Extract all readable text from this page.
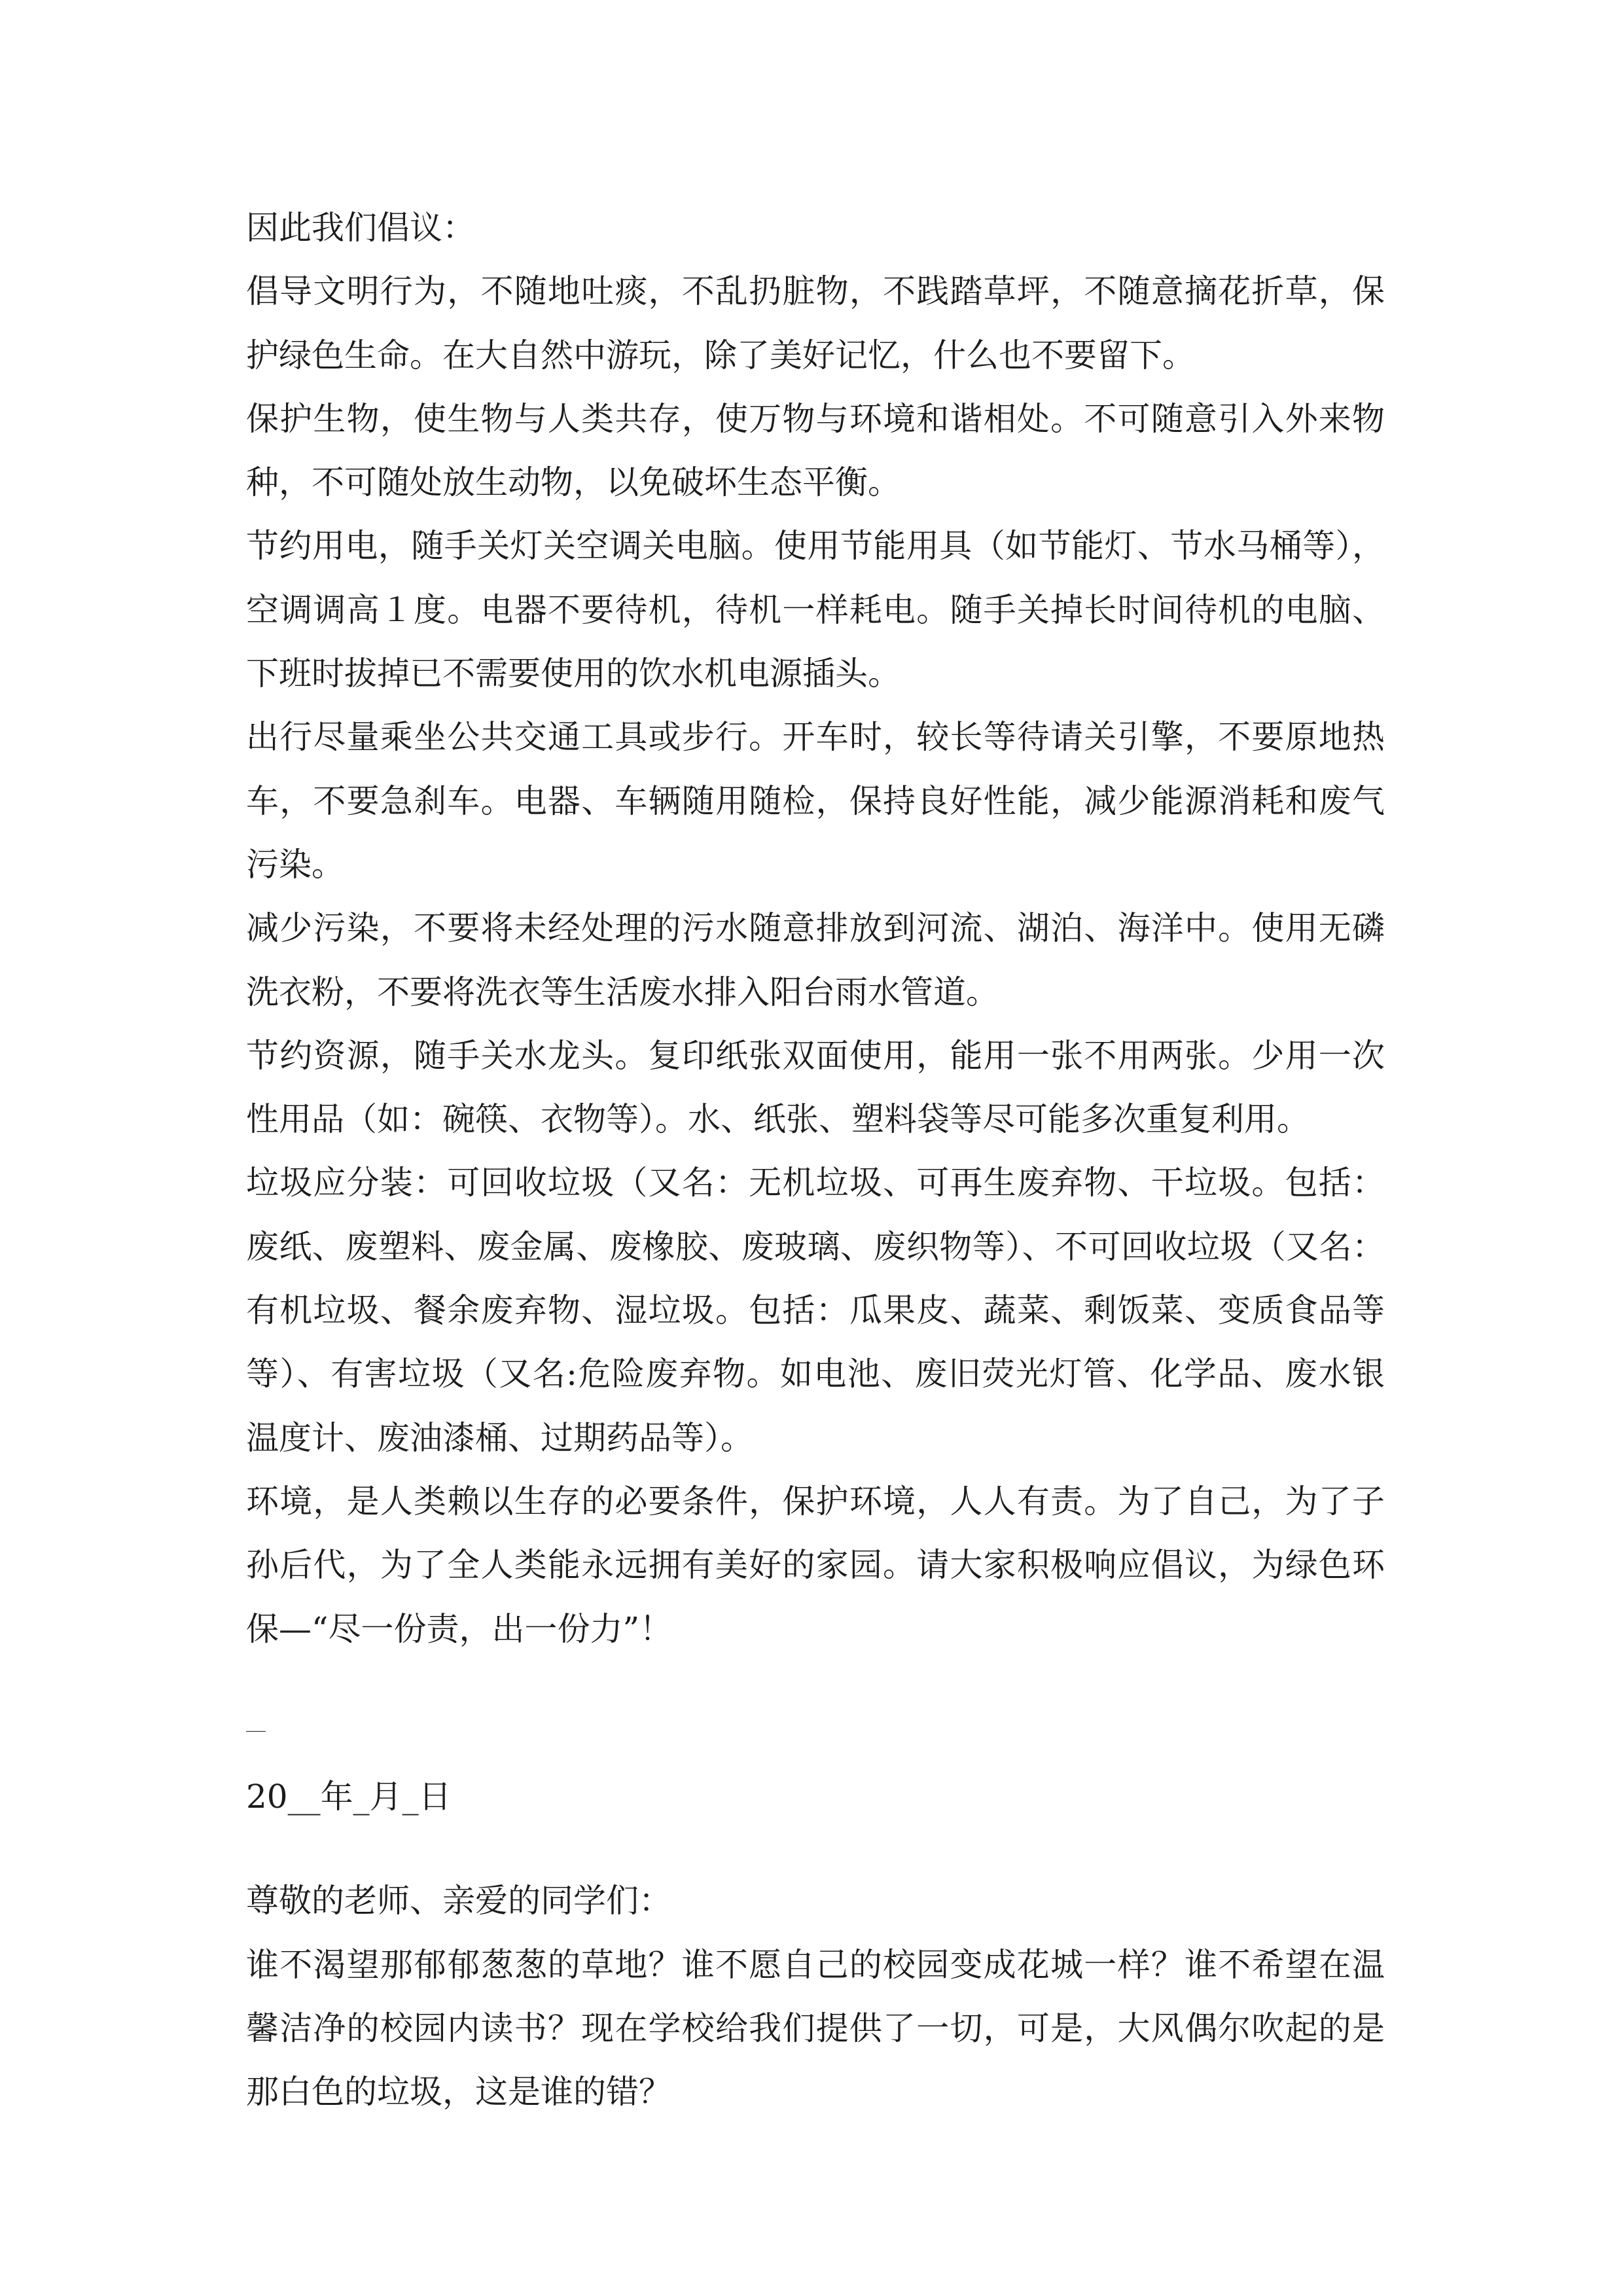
因此我们倡议：

倡导文明行为，不随地吐痰，不乱扔脏物，不践踏草坪，不随意摘花折草，保护绿色生命。在大自然中游玩，除了美好记忆，什么也不要留下。

保护生物，使生物与人类共存，使万物与环境和谐相处。不可随意引入外来物种，不可随处放生动物，以免破坏生态平衡。

节约用电，随手关灯关空调关电脑。使用节能用具（如节能灯、节水马桶等），空调调高１度。电器不要待机，待机一样耗电。随手关掉长时间待机的电脑、下班时拔掉已不需要使用的饮水机电源插头。

出行尽量乘坐公共交通工具或步行。开车时，较长等待请关引擎，不要原地热车，不要急刹车。电器、车辆随用随检，保持良好性能，减少能源消耗和废气污染。

减少污染，不要将未经处理的污水随意排放到河流、湖泊、海洋中。使用无磷洗衣粉，不要将洗衣等生活废水排入阳台雨水管道。

节约资源，随手关水龙头。复印纸张双面使用，能用一张不用两张。少用一次性用品（如：碗筷、衣物等）。水、纸张、塑料袋等尽可能多次重复利用。

垃圾应分装：可回收垃圾（又名：无机垃圾、可再生废弃物、干垃圾。包括：废纸、废塑料、废金属、废橡胶、废玻璃、废织物等）、不可回收垃圾（又名：有机垃圾、餐余废弃物、湿垃圾。包括：瓜果皮、蔬菜、剩饭菜、变质食品等等）、有害垃圾（又名:危险废弃物。如电池、废旧荧光灯管、化学品、废水银温度计、废油漆桶、过期药品等）。

环境，是人类赖以生存的必要条件，保护环境，人人有责。为了自己，为了子孙后代，为了全人类能永远拥有美好的家园。请大家积极响应倡议，为绿色环保—“尽一份责，出一份力”！

__

20__年_月_日

尊敬的老师、亲爱的同学们：

谁不渴望那郁郁葱葱的草地？谁不愿自己的校园变成花城一样？谁不希望在温馨洁净的校园内读书？现在学校给我们提供了一切，可是，大风偶尔吹起的是那白色的垃圾，这是谁的错？
